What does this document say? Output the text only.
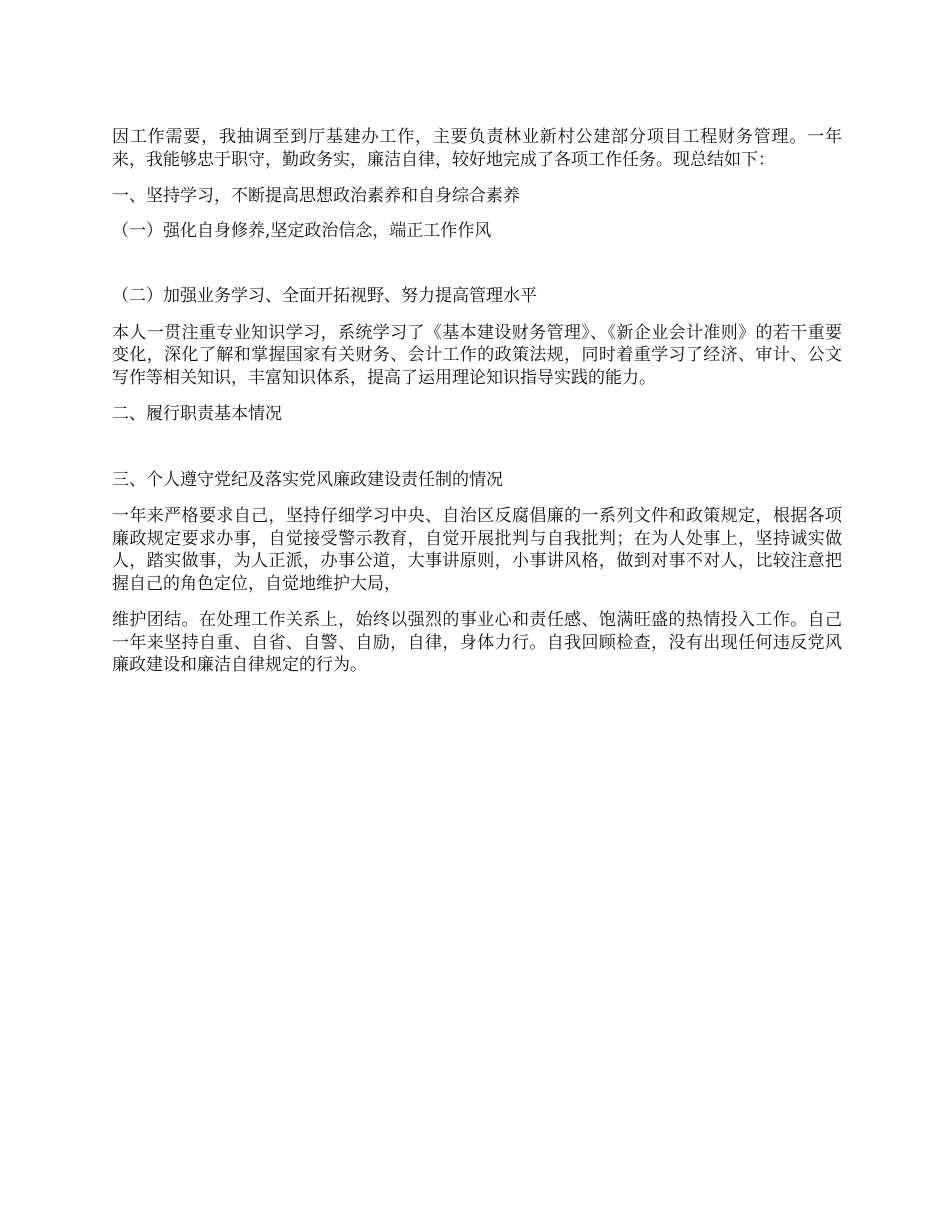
因工作需要，我抽调至到厅基建办工作，主要负责林业新村公建部分项目工程财务管理。一年来，我能够忠于职守，勤政务实，廉洁自律，较好地完成了各项工作任务。现总结如下：

一、坚持学习，不断提高思想政治素养和自身综合素养

（一）强化自身修养,坚定政治信念，端正工作作风

（二）加强业务学习、全面开拓视野、努力提高管理水平

本人一贯注重专业知识学习，系统学习了《基本建设财务管理》、《新企业会计准则》的若干重要变化，深化了解和掌握国家有关财务、会计工作的政策法规，同时着重学习了经济、审计、公文写作等相关知识，丰富知识体系，提高了运用理论知识指导实践的能力。

二、履行职责基本情况

三、个人遵守党纪及落实党风廉政建设责任制的情况

一年来严格要求自己，坚持仔细学习中央、自治区反腐倡廉的一系列文件和政策规定，根据各项廉政规定要求办事，自觉接受警示教育，自觉开展批判与自我批判；在为人处事上，坚持诚实做人，踏实做事，为人正派，办事公道，大事讲原则，小事讲风格，做到对事不对人，比较注意把握自己的角色定位，自觉地维护大局，

维护团结。在处理工作关系上，始终以强烈的事业心和责任感、饱满旺盛的热情投入工作。自己一年来坚持自重、自省、自警、自励，自律，身体力行。自我回顾检查，没有出现任何违反党风廉政建设和廉洁自律规定的行为。
